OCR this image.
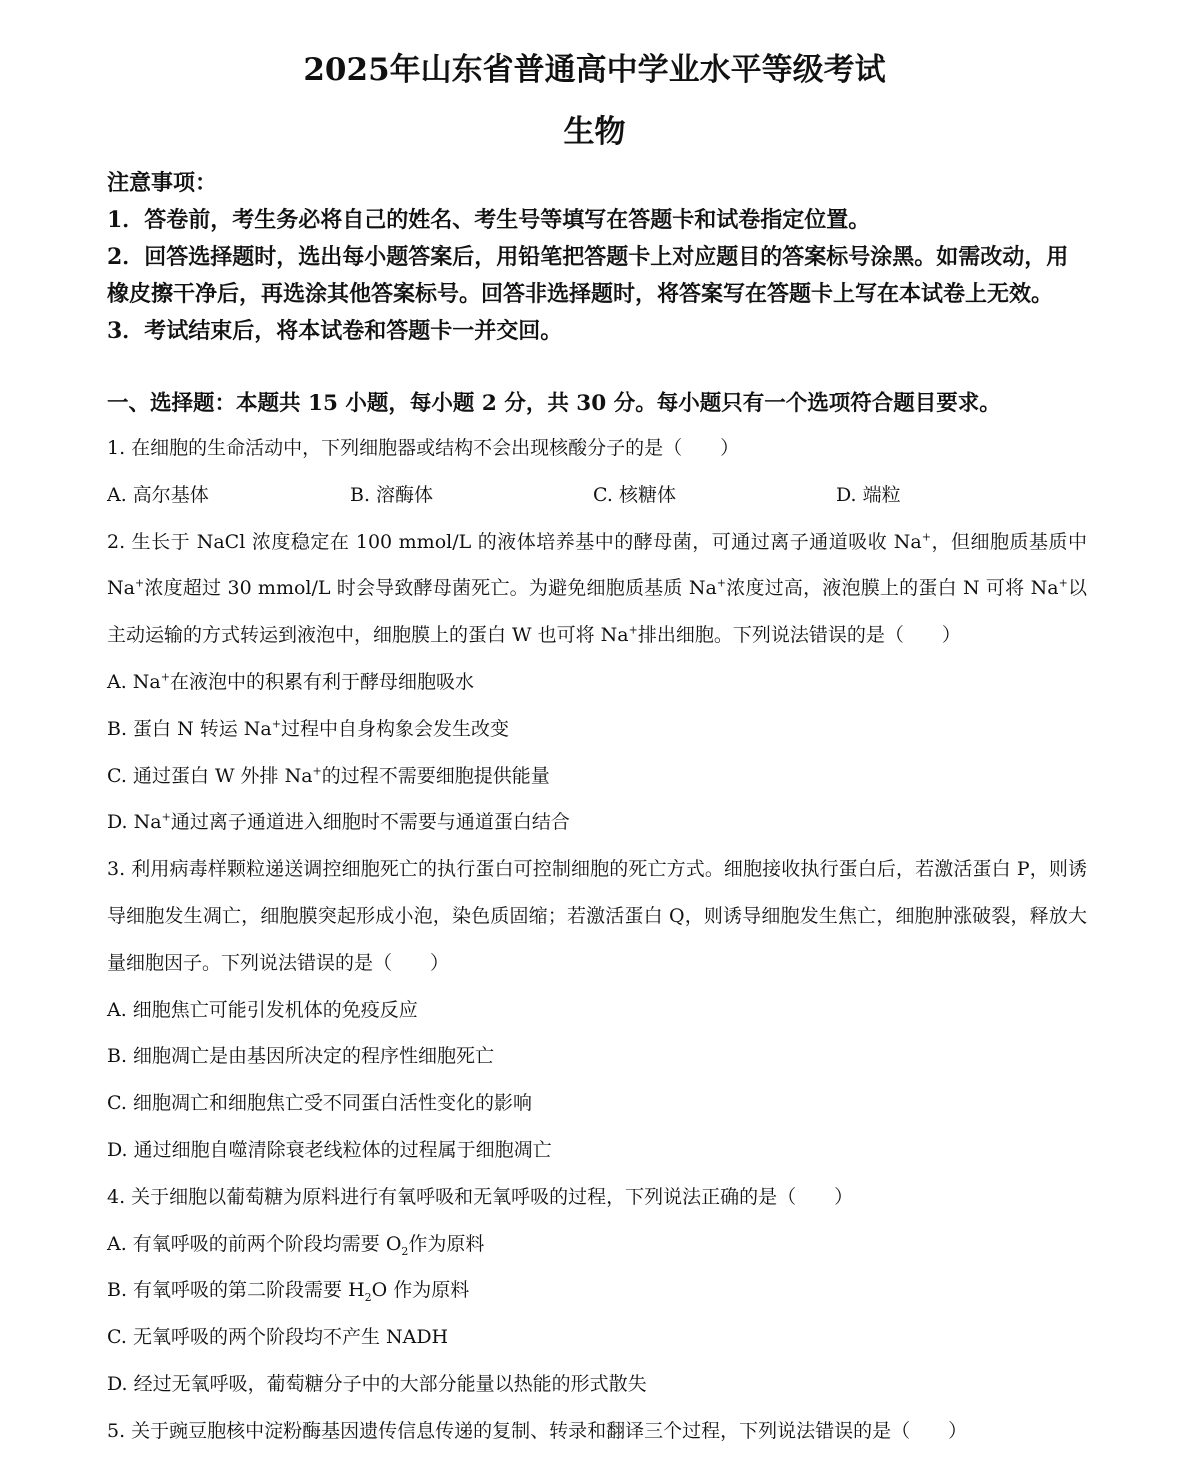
2025年山东省普通高中学业水平等级考试
生物
注意事项：
1．答卷前，考生务必将自己的姓名、考生号等填写在答题卡和试卷指定位置。
2．回答选择题时，选出每小题答案后，用铅笔把答题卡上对应题目的答案标号涂黑。如需改动，用橡皮擦干净后，再选涂其他答案标号。回答非选择题时，将答案写在答题卡上写在本试卷上无效。
3．考试结束后，将本试卷和答题卡一并交回。
一、选择题：本题共 15 小题，每小题 2 分，共 30 分。每小题只有一个选项符合题目要求。
1. 在细胞的生命活动中，下列细胞器或结构不会出现核酸分子的是（　　）
A. 高尔基体	B. 溶酶体	C. 核糖体	D. 端粒
2. 生长于 NaCl 浓度稳定在 100 mmol/L 的液体培养基中的酵母菌，可通过离子通道吸收 Na+，但细胞质基质中 Na+浓度超过 30 mmol/L 时会导致酵母菌死亡。为避免细胞质基质 Na+浓度过高，液泡膜上的蛋白 N 可将 Na+以主动运输的方式转运到液泡中，细胞膜上的蛋白 W 也可将 Na+排出细胞。下列说法错误的是（　　）
A. Na+在液泡中的积累有利于酵母细胞吸水
B. 蛋白 N 转运 Na+过程中自身构象会发生改变
C. 通过蛋白 W 外排 Na+的过程不需要细胞提供能量
D. Na+通过离子通道进入细胞时不需要与通道蛋白结合
3. 利用病毒样颗粒递送调控细胞死亡的执行蛋白可控制细胞的死亡方式。细胞接收执行蛋白后，若激活蛋白 P，则诱导细胞发生凋亡，细胞膜突起形成小泡，染色质固缩；若激活蛋白 Q，则诱导细胞发生焦亡，细胞肿涨破裂，释放大量细胞因子。下列说法错误的是（　　）
A. 细胞焦亡可能引发机体的免疫反应
B. 细胞凋亡是由基因所决定的程序性细胞死亡
C. 细胞凋亡和细胞焦亡受不同蛋白活性变化的影响
D. 通过细胞自噬清除衰老线粒体的过程属于细胞凋亡
4. 关于细胞以葡萄糖为原料进行有氧呼吸和无氧呼吸的过程，下列说法正确的是（　　）
A. 有氧呼吸的前两个阶段均需要 $O_2$作为原料
B. 有氧呼吸的第二阶段需要 $H_2O$ 作为原料
C. 无氧呼吸的两个阶段均不产生 NADH
D. 经过无氧呼吸，葡萄糖分子中的大部分能量以热能的形式散失
5. 关于豌豆胞核中淀粉酶基因遗传信息传递的复制、转录和翻译三个过程，下列说法错误的是（　　）
